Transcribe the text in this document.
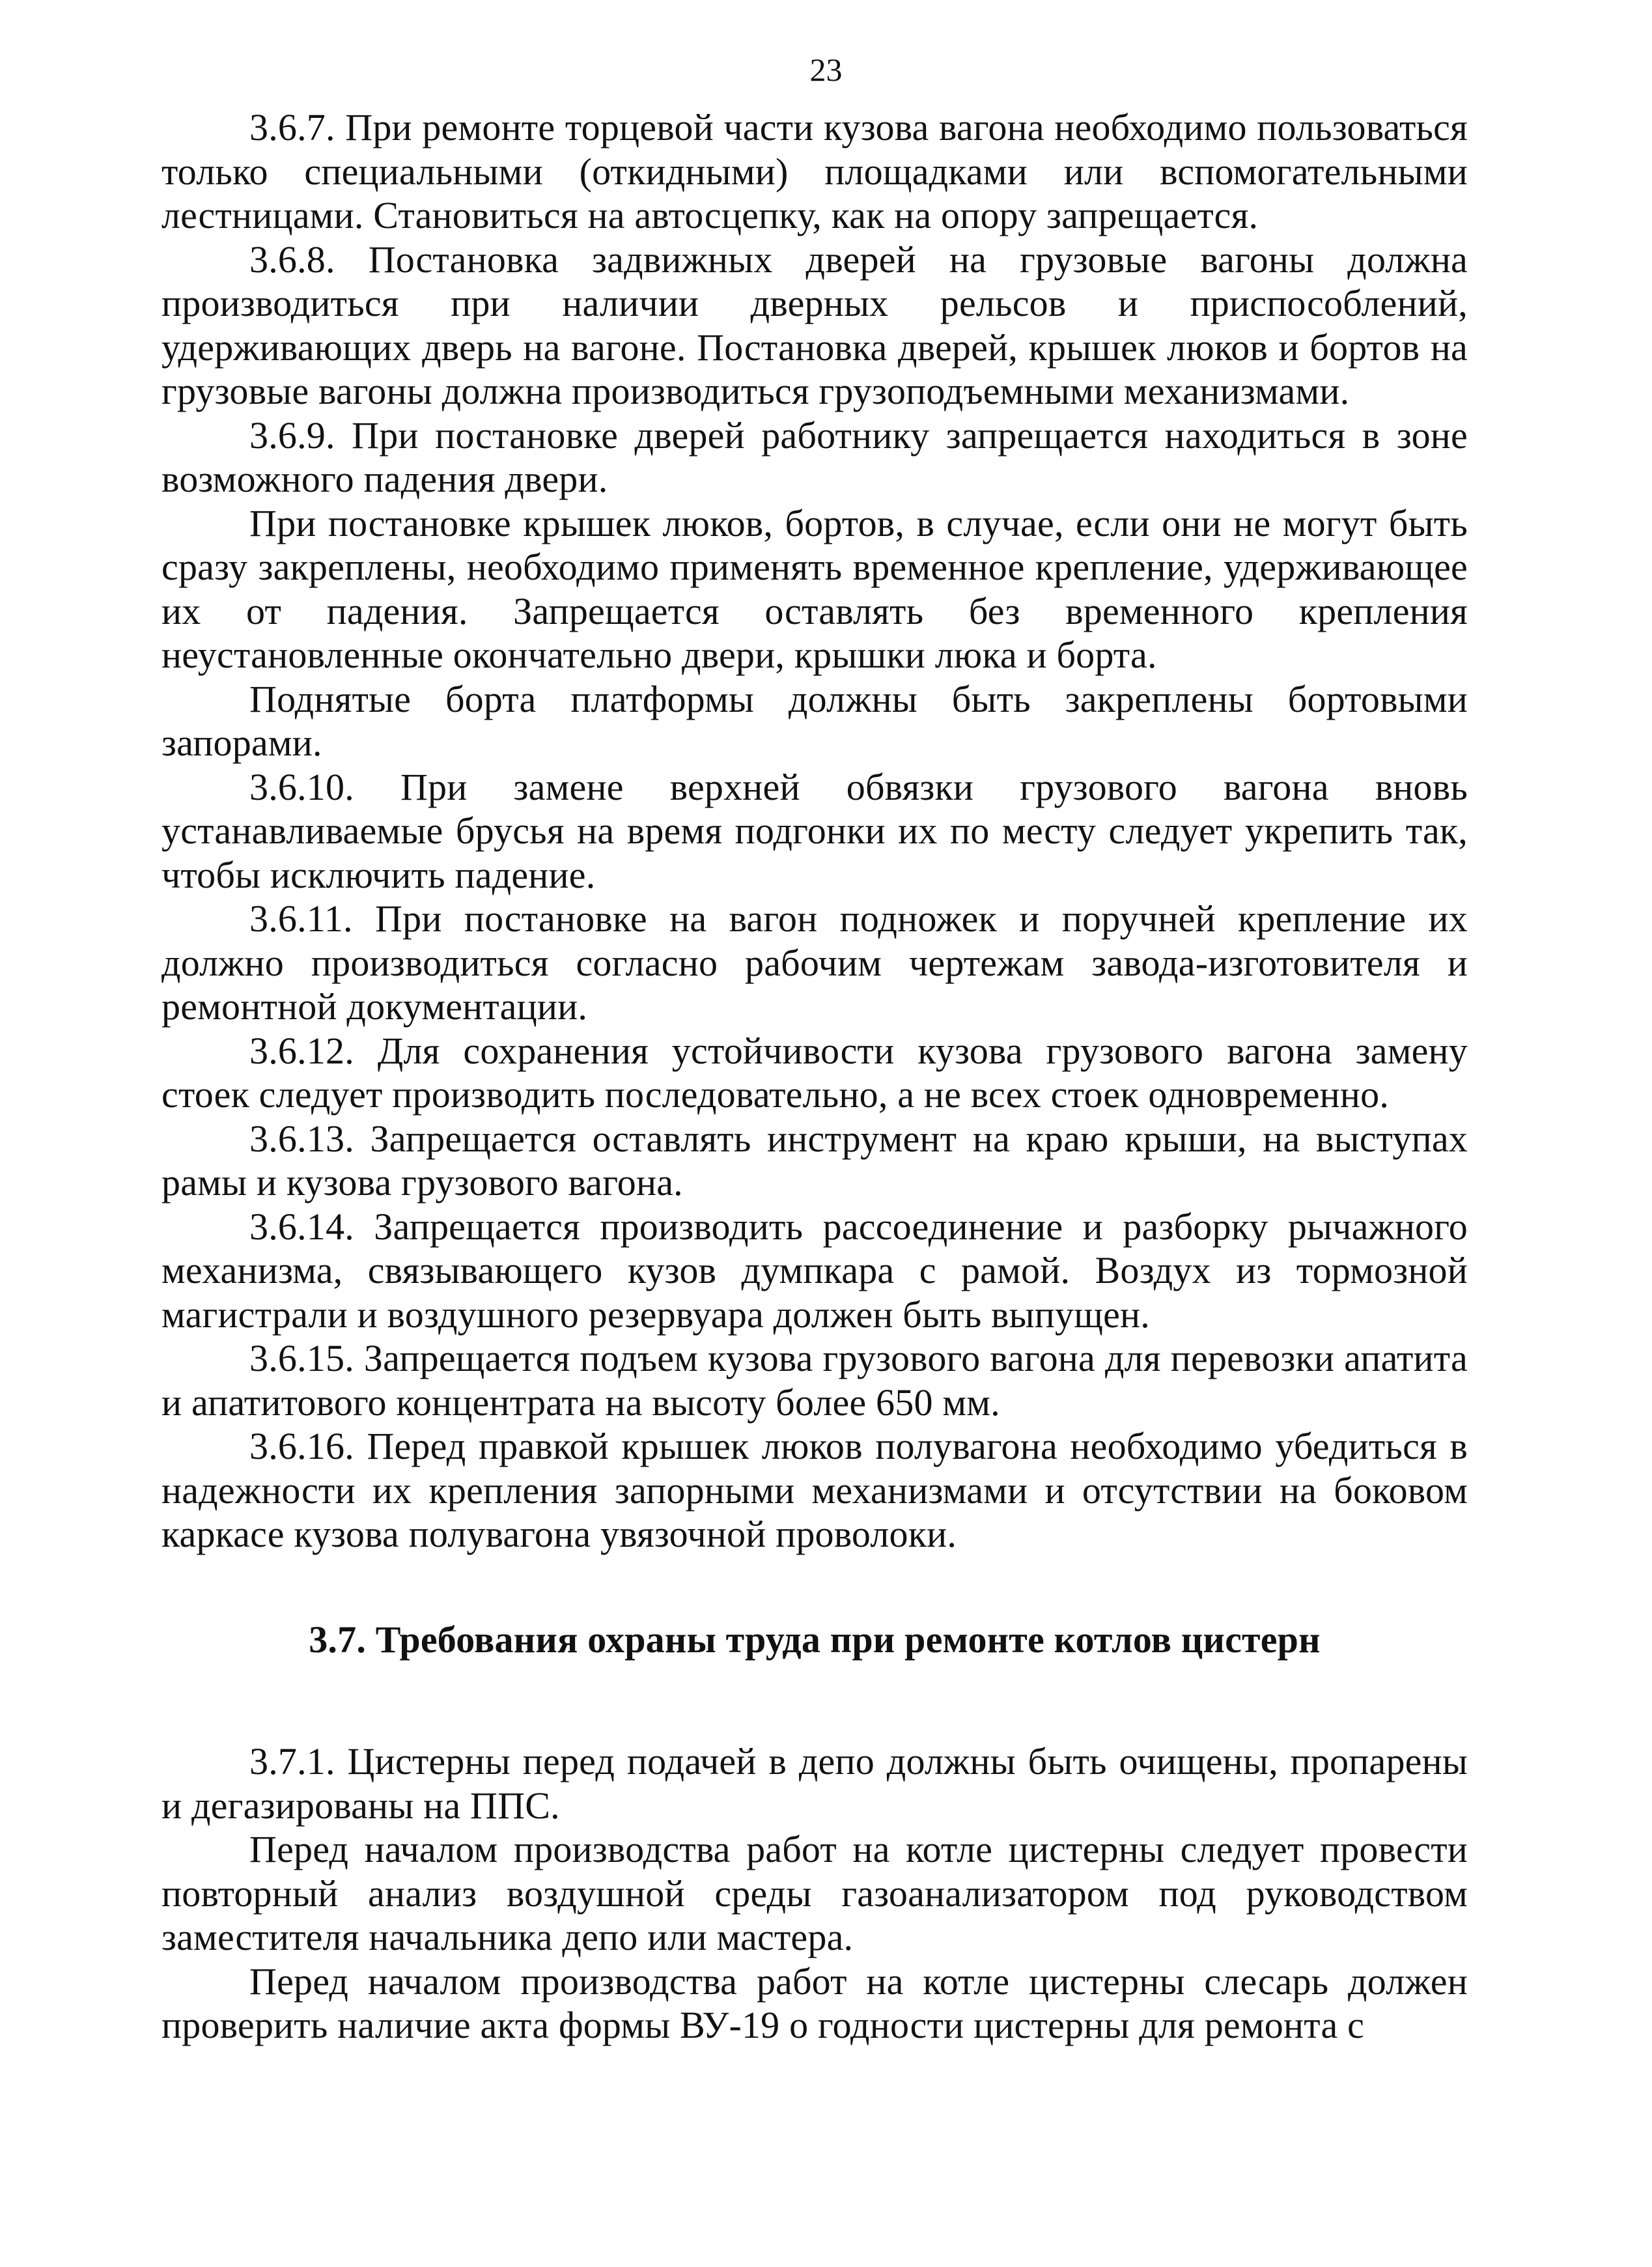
23

3.6.7. При ремонте торцевой части кузова вагона необходимо пользоваться только специальными (откидными) площадками или вспомогательными лестницами. Становиться на автосцепку, как на опору запрещается.

3.6.8. Постановка задвижных дверей на грузовые вагоны должна производиться при наличии дверных рельсов и приспособлений, удерживающих дверь на вагоне. Постановка дверей, крышек люков и бортов на грузовые вагоны должна производиться грузоподъемными механизмами.

3.6.9. При постановке дверей работнику запрещается находиться в зоне возможного падения двери.

При постановке крышек люков, бортов, в случае, если они не могут быть сразу закреплены, необходимо применять временное крепление, удерживающее их от падения. Запрещается оставлять без временного крепления неустановленные окончательно двери, крышки люка и борта.

Поднятые борта платформы должны быть закреплены бортовыми запорами.

3.6.10. При замене верхней обвязки грузового вагона вновь устанавливаемые брусья на время подгонки их по месту следует укрепить так, чтобы исключить падение.

3.6.11. При постановке на вагон подножек и поручней крепление их должно производиться согласно рабочим чертежам завода-изготовителя и ремонтной документации.

3.6.12. Для сохранения устойчивости кузова грузового вагона замену стоек следует производить последовательно, а не всех стоек одновременно.

3.6.13. Запрещается оставлять инструмент на краю крыши, на выступах рамы и кузова грузового вагона.

3.6.14. Запрещается производить рассоединение и разборку рычажного механизма, связывающего кузов думпкара с рамой. Воздух из тормозной магистрали и воздушного резервуара должен быть выпущен.

3.6.15. Запрещается подъем кузова грузового вагона для перевозки апатита и апатитового концентрата на высоту более 650 мм.

3.6.16. Перед правкой крышек люков полувагона необходимо убедиться в надежности их крепления запорными механизмами и отсутствии на боковом каркасе кузова полувагона увязочной проволоки.

3.7. Требования охраны труда при ремонте котлов цистерн

3.7.1. Цистерны перед подачей в депо должны быть очищены, пропарены и дегазированы на ППС.

Перед началом производства работ на котле цистерны следует провести повторный анализ воздушной среды газоанализатором под руководством заместителя начальника депо или мастера.

Перед началом производства работ на котле цистерны слесарь должен проверить наличие акта формы ВУ-19 о годности цистерны для ремонта с
